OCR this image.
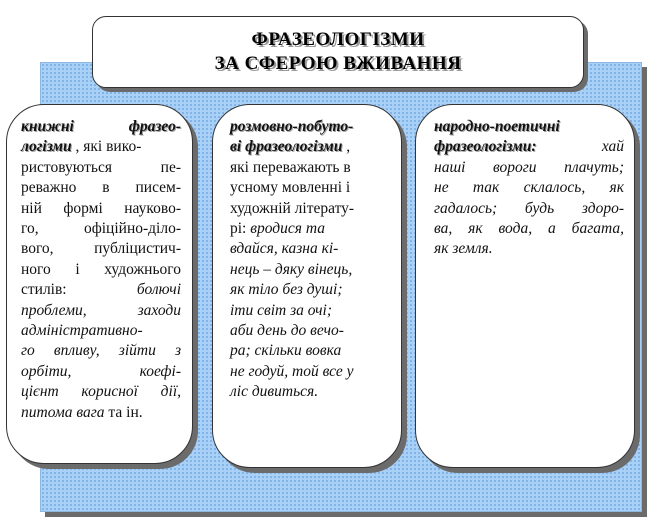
ФРАЗЕОЛОГІЗМИ
ЗА СФЕРОЮ ВЖИВАННЯ
книжні	фразео-
логізми , які вико-
ристовуються пе-
реважно в писем-
ній формі науково-
го, офіційно-діло-
вого, публіцистич-
ного і художнього
стилів:	болючі
проблеми, заходи
адміністративно-
го впливу, зійти з
орбіти,	коефі-
цієнт корисної дії,
питома вага та ін.
розмовно-побуто-
ві фразеологізми ,
які переважають в
усному мовленні і
художній літерату-
рі: вродися та
вдайся, казна кі-
нець – дяку вінець,
як тіло без душі;
іти світ за очі;
аби день до вечо-
ра; скільки вовка
не годуй, той все у
ліс дивиться.
народно-поетичні
фразеологізми:	хай
наші вороги плачуть;
не так склалось, як
гадалось; будь здоро-
ва, як вода, а багата,
як земля.
